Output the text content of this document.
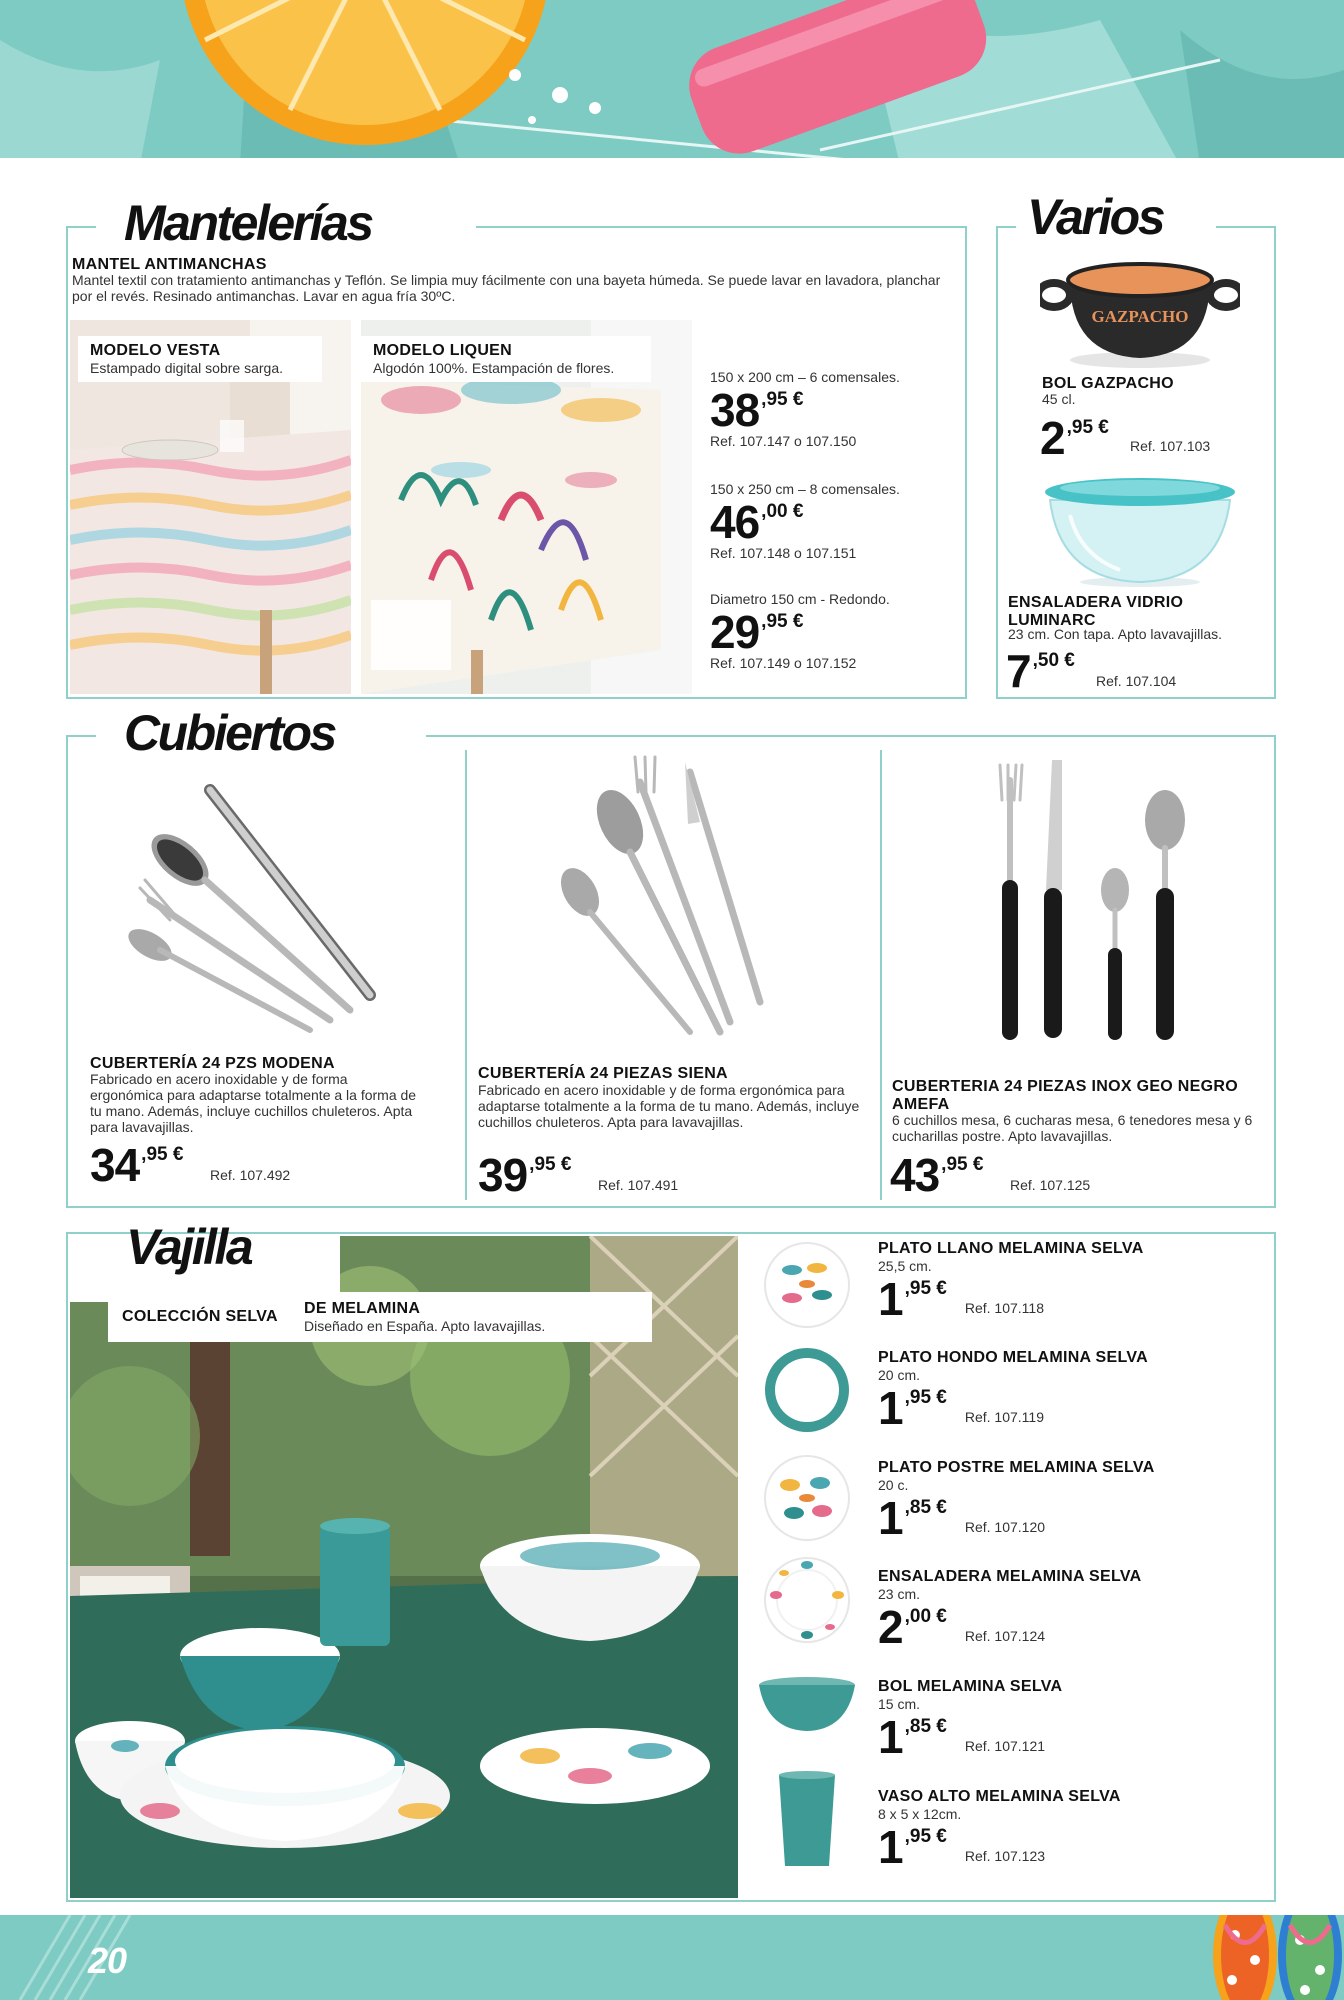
Mantelerías
MANTEL ANTIMANCHAS
Mantel textil con tratamiento antimanchas y Teflón. Se limpia muy fácilmente con una bayeta húmeda. Se puede lavar en lavadora, planchar por el revés. Resinado antimanchas. Lavar en agua fría 30ºC.
MODELO VESTA
Estampado digital sobre sarga.
MODELO LIQUEN
Algodón 100%. Estampación de flores.
150 x 200 cm – 6 comensales.
38 ,95 €
Ref. 107.147 o 107.150
150 x 250 cm – 8 comensales.
46 ,00 €
Ref. 107.148 o 107.151
Diametro 150 cm - Redondo.
29 ,95 €
Ref. 107.149 o 107.152
Varios
GAZPACHO
BOL GAZPACHO
45 cl.
2 ,95 €
Ref. 107.103
ENSALADERA VIDRIO LUMINARC
23 cm. Con tapa. Apto lavavajillas.
7 ,50 €
Ref. 107.104
Cubiertos
CUBERTERÍA 24 PZS MODENA
Fabricado en acero inoxidable y de forma ergonómica para adaptarse totalmente a la forma de tu mano. Además, incluye cuchillos chuleteros. Apta para lavavajillas.
34 ,95 €
Ref. 107.492
CUBERTERÍA 24 PIEZAS SIENA
Fabricado en acero inoxidable y de forma ergonómica para adaptarse totalmente a la forma de tu mano. Además, incluye cuchillos chuleteros. Apta para lavavajillas.
39 ,95 €
Ref. 107.491
CUBERTERIA 24 PIEZAS INOX GEO NEGRO AMEFA
6 cuchillos mesa, 6 cucharas mesa, 6 tenedores mesa y 6 cucharillas postre. Apto lavavajillas.
43 ,95 €
Ref. 107.125
Vajilla
COLECCIÓN SELVA	DE MELAMINA
Diseñado en España. Apto lavavajillas.
PLATO LLANO MELAMINA SELVA
25,5 cm.
1 ,95 €
Ref. 107.118
PLATO HONDO MELAMINA SELVA
20 cm.
1 ,95 €
Ref. 107.119
PLATO POSTRE MELAMINA SELVA
20 c.
1 ,85 €
Ref. 107.120
ENSALADERA MELAMINA SELVA
23 cm.
2 ,00 €
Ref. 107.124
BOL MELAMINA SELVA
15 cm.
1 ,85 €
Ref. 107.121
VASO ALTO MELAMINA SELVA
8 x 5 x 12cm.
1 ,95 €
Ref. 107.123
20
